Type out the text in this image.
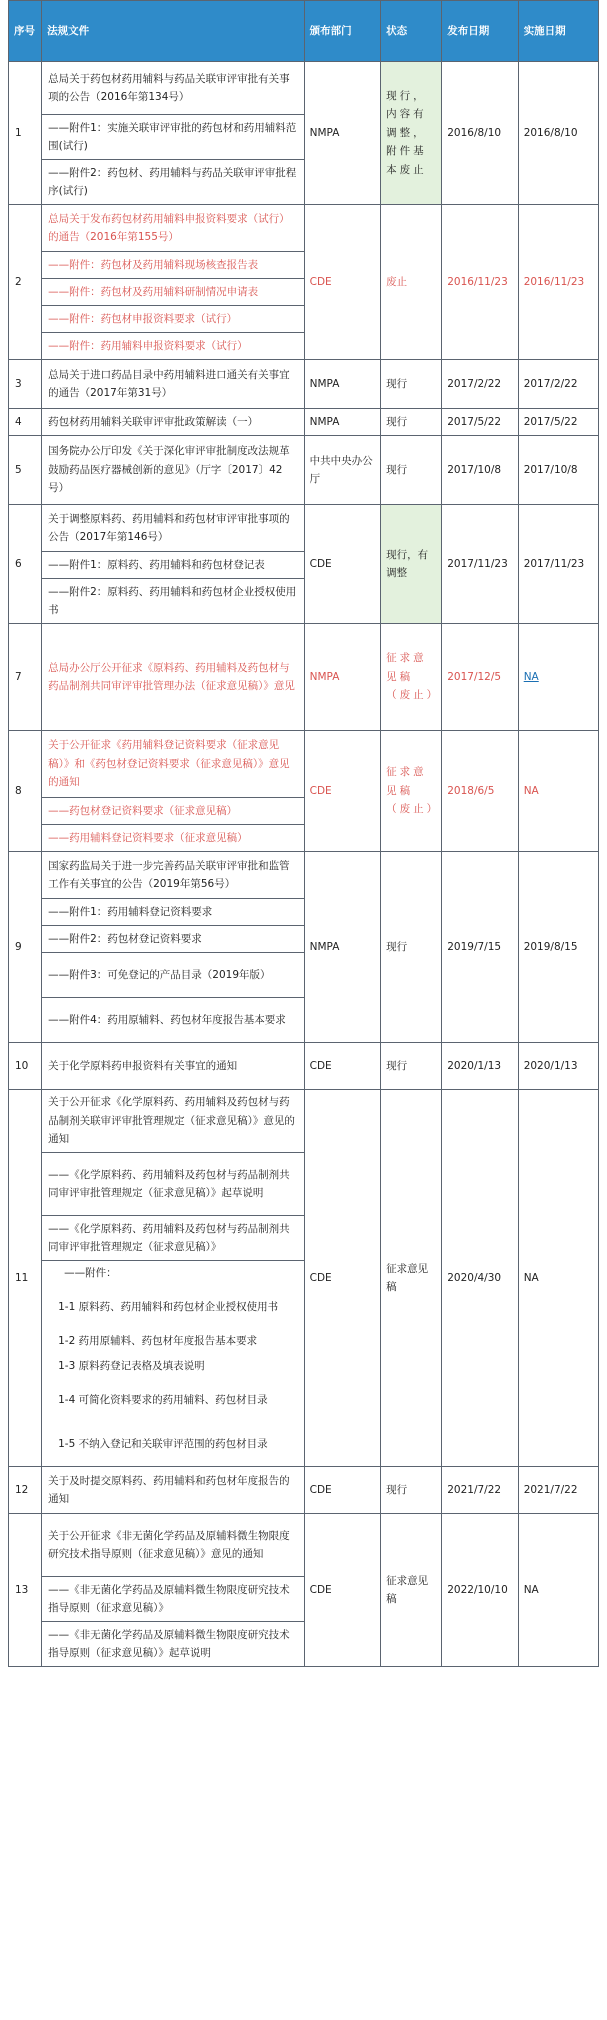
序号	法规文件	颁布部门	状态	发布日期	实施日期
1	总局关于药包材药用辅料与药品关联审评审批有关事项的公告（2016年第134号）	NMPA	现行，内容有调整，附件基本废止	2016/8/10	2016/8/10
	——附件1：实施关联审评审批的药包材和药用辅料范围(试行)				
	——附件2：药包材、药用辅料与药品关联审评审批程序(试行)				
2	总局关于发布药包材药用辅料申报资料要求（试行）的通告（2016年第155号）	CDE	废止	2016/11/23	2016/11/23
	——附件：药包材及药用辅料现场核查报告表				
	——附件：药包材及药用辅料研制情况申请表				
	——附件：药包材申报资料要求（试行）				
	——附件：药用辅料申报资料要求（试行）				
3	总局关于进口药品目录中药用辅料进口通关有关事宜的通告（2017年第31号）	NMPA	现行	2017/2/22	2017/2/22
4	药包材药用辅料关联审评审批政策解读（一）	NMPA	现行	2017/5/22	2017/5/22
5	国务院办公厅印发《关于深化审评审批制度改法规革鼓励药品医疗器械创新的意见》（厅字〔2017〕42号）	中共中央办公厅	现行	2017/10/8	2017/10/8
6	关于调整原料药、药用辅料和药包材审评审批事项的公告（2017年第146号）	CDE	现行，有调整	2017/11/23	2017/11/23
	——附件1：原料药、药用辅料和药包材登记表				
	——附件2：原料药、药用辅料和药包材企业授权使用书				
7	总局办公厅公开征求《原料药、药用辅料及药包材与药品制剂共同审评审批管理办法（征求意见稿）》意见	NMPA	征求意见稿（废止）	2017/12/5	NA
8	关于公开征求《药用辅料登记资料要求（征求意见稿）》和《药包材登记资料要求（征求意见稿）》意见的通知	CDE	征求意见稿（废止）	2018/6/5	NA
	——药包材登记资料要求（征求意见稿）				
	——药用辅料登记资料要求（征求意见稿）				
9	国家药监局关于进一步完善药品关联审评审批和监管工作有关事宜的公告（2019年第56号）	NMPA	现行	2019/7/15	2019/8/15
	——附件1：药用辅料登记资料要求				
	——附件2：药包材登记资料要求				
	——附件3：可免登记的产品目录（2019年版）				
	——附件4：药用原辅料、药包材年度报告基本要求				
10	关于化学原料药申报资料有关事宜的通知	CDE	现行	2020/1/13	2020/1/13
11	关于公开征求《化学原料药、药用辅料及药包材与药品制剂关联审评审批管理规定（征求意见稿）》意见的通知	CDE	征求意见稿	2020/4/30	NA
	——《化学原料药、药用辅料及药包材与药品制剂共同审评审批管理规定（征求意见稿）》起草说明				
	——《化学原料药、药用辅料及药包材与药品制剂共同审评审批管理规定（征求意见稿）》				
	——附件：				
	1-1 原料药、药用辅料和药包材企业授权使用书				
	1-2 药用原辅料、药包材年度报告基本要求				
	1-3 原料药登记表格及填表说明				
	1-4 可简化资料要求的药用辅料、药包材目录				
	1-5 不纳入登记和关联审评范围的药包材目录				
12	关于及时提交原料药、药用辅料和药包材年度报告的通知	CDE	现行	2021/7/22	2021/7/22
13	关于公开征求《非无菌化学药品及原辅料微生物限度研究技术指导原则（征求意见稿）》意见的通知	CDE	征求意见稿	2022/10/10	NA
	——《非无菌化学药品及原辅料微生物限度研究技术指导原则（征求意见稿）》				
	——《非无菌化学药品及原辅料微生物限度研究技术指导原则（征求意见稿）》起草说明				
